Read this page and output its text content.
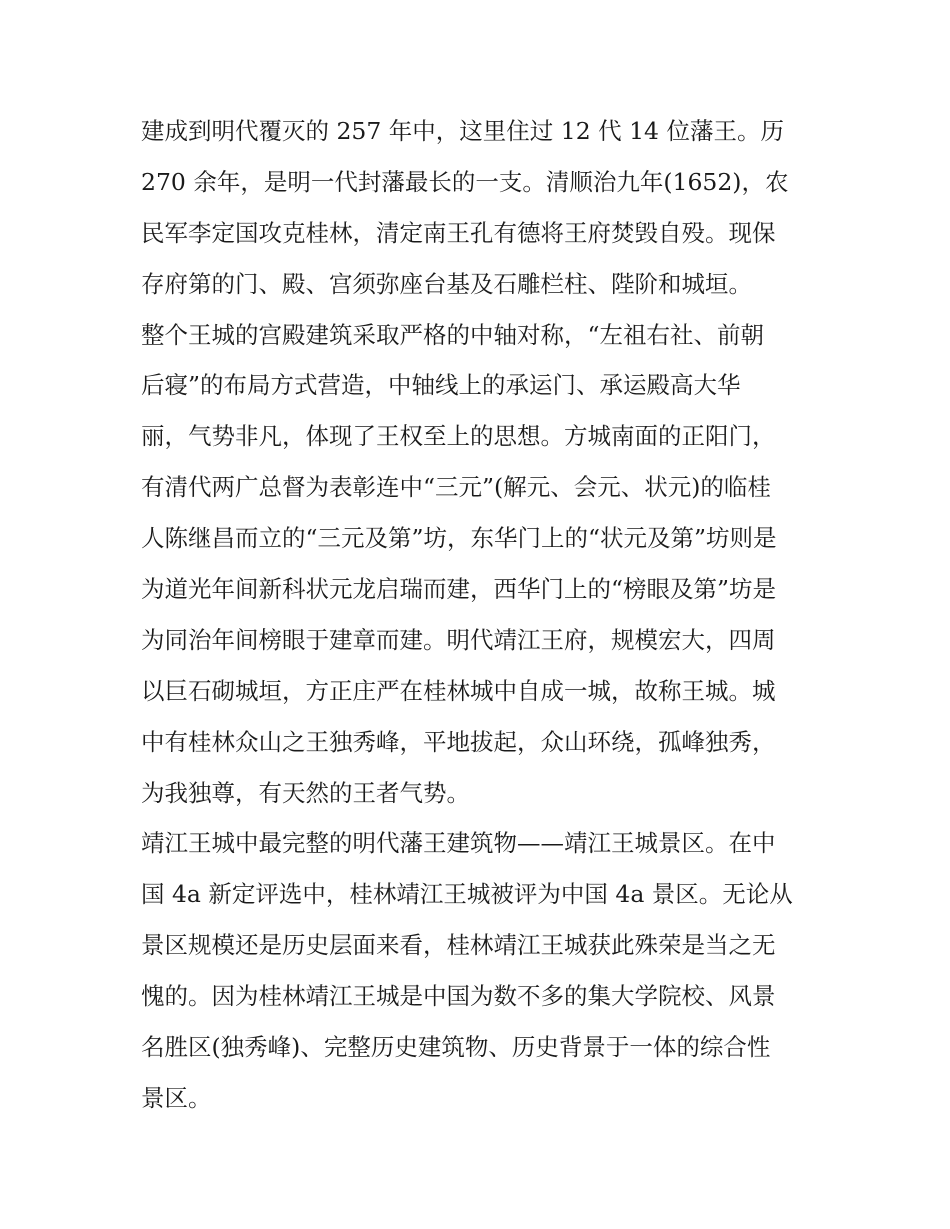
建成到明代覆灭的 257 年中，这里住过 12 代 14 位藩王。历
270 余年，是明一代封藩最长的一支。清顺治九年(1652)，农
民军李定国攻克桂林，清定南王孔有德将王府焚毁自殁。现保
存府第的门、殿、宫须弥座台基及石雕栏柱、陛阶和城垣。
整个王城的宫殿建筑采取严格的中轴对称，“左祖右社、前朝
后寝”的布局方式营造，中轴线上的承运门、承运殿高大华
丽，气势非凡，体现了王权至上的思想。方城南面的正阳门，
有清代两广总督为表彰连中“三元”(解元、会元、状元)的临桂
人陈继昌而立的“三元及第”坊，东华门上的“状元及第”坊则是
为道光年间新科状元龙启瑞而建，西华门上的“榜眼及第”坊是
为同治年间榜眼于建章而建。明代靖江王府，规模宏大，四周
以巨石砌城垣，方正庄严在桂林城中自成一城，故称王城。城
中有桂林众山之王独秀峰，平地拔起，众山环绕，孤峰独秀，
为我独尊，有天然的王者气势。
靖江王城中最完整的明代藩王建筑物——靖江王城景区。在中
国 4a 新定评选中，桂林靖江王城被评为中国 4a 景区。无论从
景区规模还是历史层面来看，桂林靖江王城获此殊荣是当之无
愧的。因为桂林靖江王城是中国为数不多的集大学院校、风景
名胜区(独秀峰)、完整历史建筑物、历史背景于一体的综合性
景区。
